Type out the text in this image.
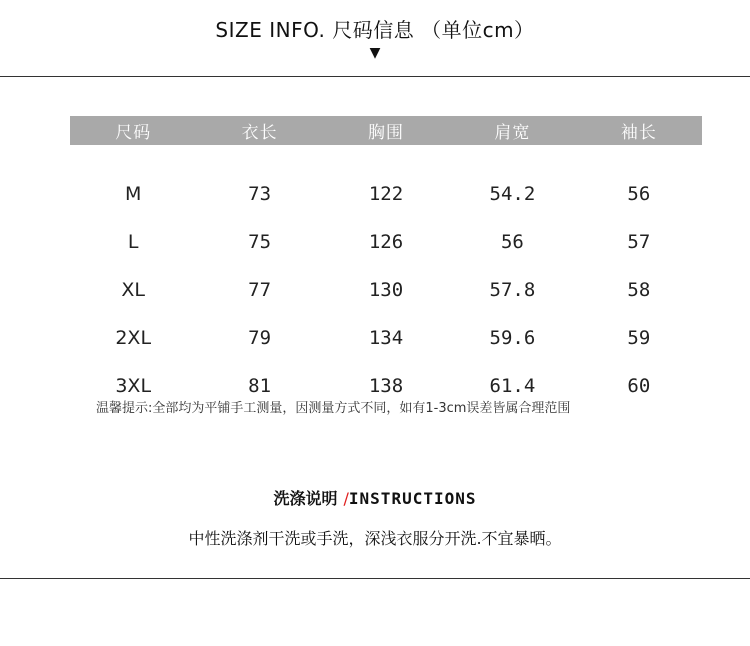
SIZE INFO. 尺码信息 （单位cm）
▼
尺码	衣长	胸围	肩宽	袖长
M	73	122	54.2	56
L	75	126	56	57
XL	77	130	57.8	58
2XL	79	134	59.6	59
3XL	81	138	61.4	60
温馨提示:全部均为平铺手工测量，因测量方式不同，如有1-3cm误差皆属合理范围
洗涤说明 /INSTRUCTIONS
中性洗涤剂干洗或手洗，深浅衣服分开洗.不宜暴晒。
